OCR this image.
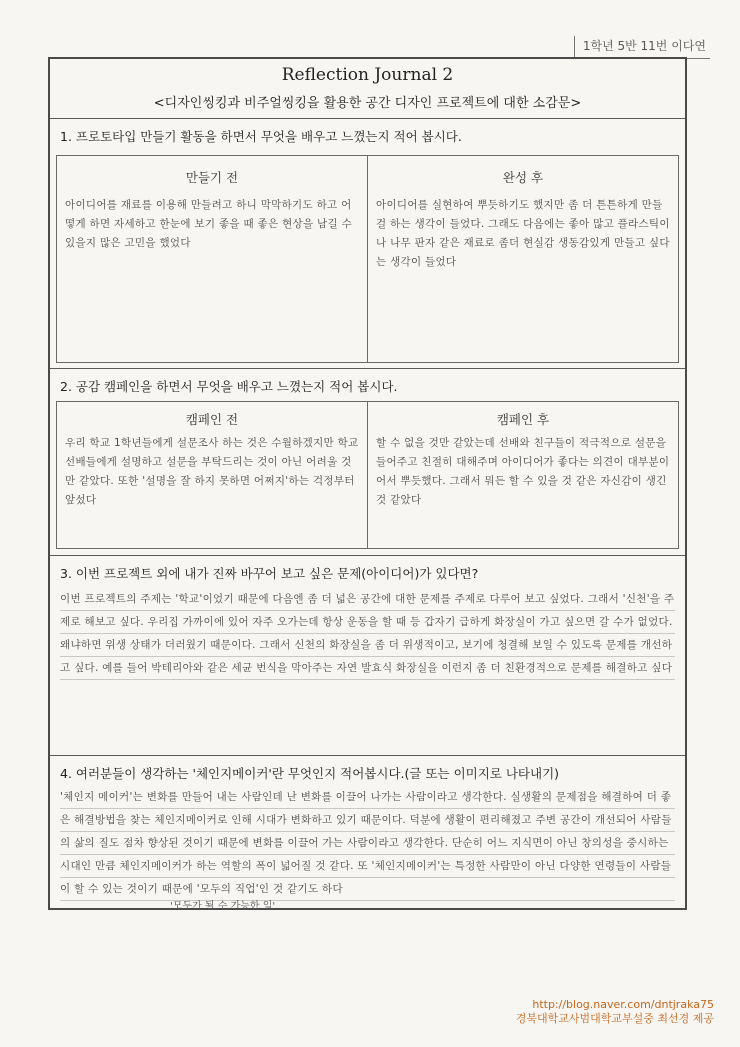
1학년 5반 11번 이다연
Reflection Journal 2
<디자인씽킹과 비주얼씽킹을 활용한 공간 디자인 프로젝트에 대한 소감문>
1. 프로토타입 만들기 활동을 하면서 무엇을 배우고 느꼈는지 적어 봅시다.
만들기 전
아이디어를 재료를 이용해 만들려고 하니 막막하기도 하고 어떻게 하면 자세하고 한눈에 보기 좋을 때 좋은 현상을 남길 수 있을지 많은 고민을 했었다
완성 후
아이디어를 실현하여 뿌듯하기도 했지만 좀 더 튼튼하게 만들 걸 하는 생각이 들었다. 그래도 다음에는 좋아 많고 플라스틱이나 나무 판자 같은 재료로 좀더 현실감 생동감있게 만들고 싶다는 생각이 들었다
2. 공감 캠페인을 하면서 무엇을 배우고 느꼈는지 적어 봅시다.
캠페인 전
우리 학교 1학년들에게 설문조사 하는 것은 수월하겠지만 학교 선배들에게 설명하고 설문을 부탁드리는 것이 아닌 어려울 것만 같았다. 또한 '설명을 잘 하지 못하면 어쩌지'하는 걱정부터 앞섰다
캠페인 후
할 수 없을 것만 같았는데 선배와 친구들이 적극적으로 설문을 들어주고 친절히 대해주며 아이디어가 좋다는 의견이 대부분이어서 뿌듯했다. 그래서 뭐든 할 수 있을 것 같은 자신감이 생긴 것 같았다
3. 이번 프로젝트 외에 내가 진짜 바꾸어 보고 싶은 문제(아이디어)가 있다면?
이번 프로젝트의 주제는 '학교'이었기 때문에 다음엔 좀 더 넓은 공간에 대한 문제를 주제로 다루어 보고 싶었다. 그래서 '신천'을 주제로 해보고 싶다. 우리집 가까이에 있어 자주 오가는데 항상 운동을 할 때 등 갑자기 급하게 화장실이 가고 싶으면 갈 수가 없었다. 왜냐하면 위생 상태가 더러웠기 때문이다. 그래서 신천의 화장실을 좀 더 위생적이고, 보기에 청결해 보일 수 있도록 문제를 개선하고 싶다. 예를 들어 박테리아와 같은 세균 번식을 막아주는 자연 발효식 화장실을 이런지 좀 더 친환경적으로 문제를 해결하고 싶다
4. 여러분들이 생각하는 '체인지메이커'란 무엇인지 적어봅시다.(글 또는 이미지로 나타내기)
'체인지 메이커'는 변화를 만들어 내는 사람인데 난 변화를 이끌어 나가는 사람이라고 생각한다. 실생활의 문제점을 해결하여 더 좋은 해결방법을 찾는 체인지메이커로 인해 시대가 변화하고 있기 때문이다. 덕분에 생활이 편리해졌고 주변 공간이 개선되어 사람들의 삶의 질도 점차 향상된 것이기 때문에 변화를 이끌어 가는 사람이라고 생각한다. 단순히 어느 지식면이 아닌 창의성을 중시하는 시대인 만큼 체인지메이커가 하는 역할의 폭이 넓어질 것 같다. 또 '체인지메이커'는 특정한 사람만이 아닌 다양한 연령들이 사람들이 할 수 있는 것이기 때문에 '모두의 직업'인 것 같기도 하다
'모두가 될 수 가능한 일'
http://blog.naver.com/dntjraka75
경북대학교사범대학교부설중 최선경 제공
